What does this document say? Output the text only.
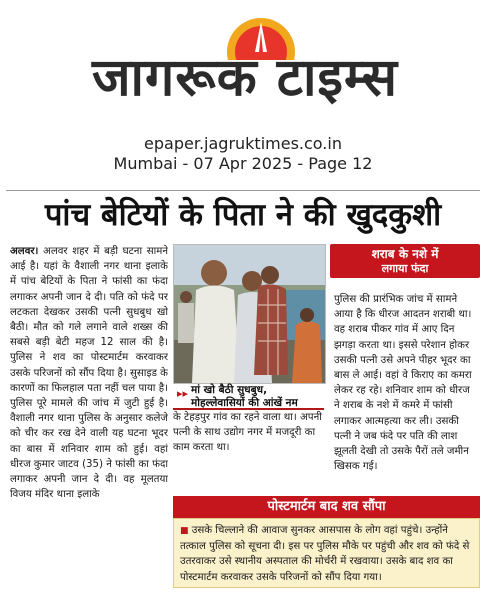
जागरूक टाइम्स
epaper.jagruktimes.co.in
Mumbai - 07 Apr 2025 - Page 12
पांच बेटियों के पिता ने की खुदकुशी
अलवर। अलवर शहर में बड़ी घटना सामने आई है। यहां के वैशाली नगर थाना इलाके में पांच बेटियों के पिता ने फांसी का फंदा लगाकर अपनी जान दे दी। पति को फंदे पर लटकता देखकर उसकी पत्नी सुधबुध खो बैठी। मौत को गले लगाने वाले शख्स की सबसे बड़ी बेटी महज 12 साल की है। पुलिस ने शव का पोस्टमार्टम करवाकर उसके परिजनों को सौंप दिया है। सुसाइड के कारणों का फिलहाल पता नहीं चल पाया है। पुलिस पूरे मामले की जांच में जुटी हुई है। वैशाली नगर थाना पुलिस के अनुसार कलेजे को चीर कर रख देने वाली यह घटना भूदर का बास में शनिवार शाम को हुई। वहां धीरज कुमार जाटव (35) ने फांसी का फंदा लगाकर अपनी जान दे दी। वह मूलतया विजय मंदिर थाना इलाके
▸▸ मां खो बैठी सुधबुध, मोहल्लेवासियों की आंखें नम
के टेहड़पुर गांव का रहने वाला था। अपनी पत्नी के साथ उद्योग नगर में मजदूरी का काम करता था।
शराब के नशे में
लगाया फंदा
पुलिस की प्रारंभिक जांच में सामने आया है कि धीरज आदतन शराबी था। वह शराब पीकर गांव में आए दिन झगड़ा करता था। इससे परेशान होकर उसकी पत्नी उसे अपने पीहर भूदर का बास ले आई। वहां वे किराए का कमरा लेकर रह रहे। शनिवार शाम को धीरज ने शराब के नशे में कमरे में फांसी लगाकर आत्महत्या कर ली। उसकी पत्नी ने जब फंदे पर पति की लाश झूलती देखी तो उसके पैरों तले जमीन खिसक गई।
पोस्टमार्टम बाद शव सौंपा
■ उसके चिल्लाने की आवाज सुनकर आसपास के लोग वहां पहुंचे। उन्होंने तत्काल पुलिस को सूचना दी। इस पर पुलिस मौके पर पहुंची और शव को फंदे से उतरवाकर उसे स्थानीय अस्पताल की मोर्चरी में रखवाया। उसके बाद शव का पोस्टमार्टम करवाकर उसके परिजनों को सौंप दिया गया।
